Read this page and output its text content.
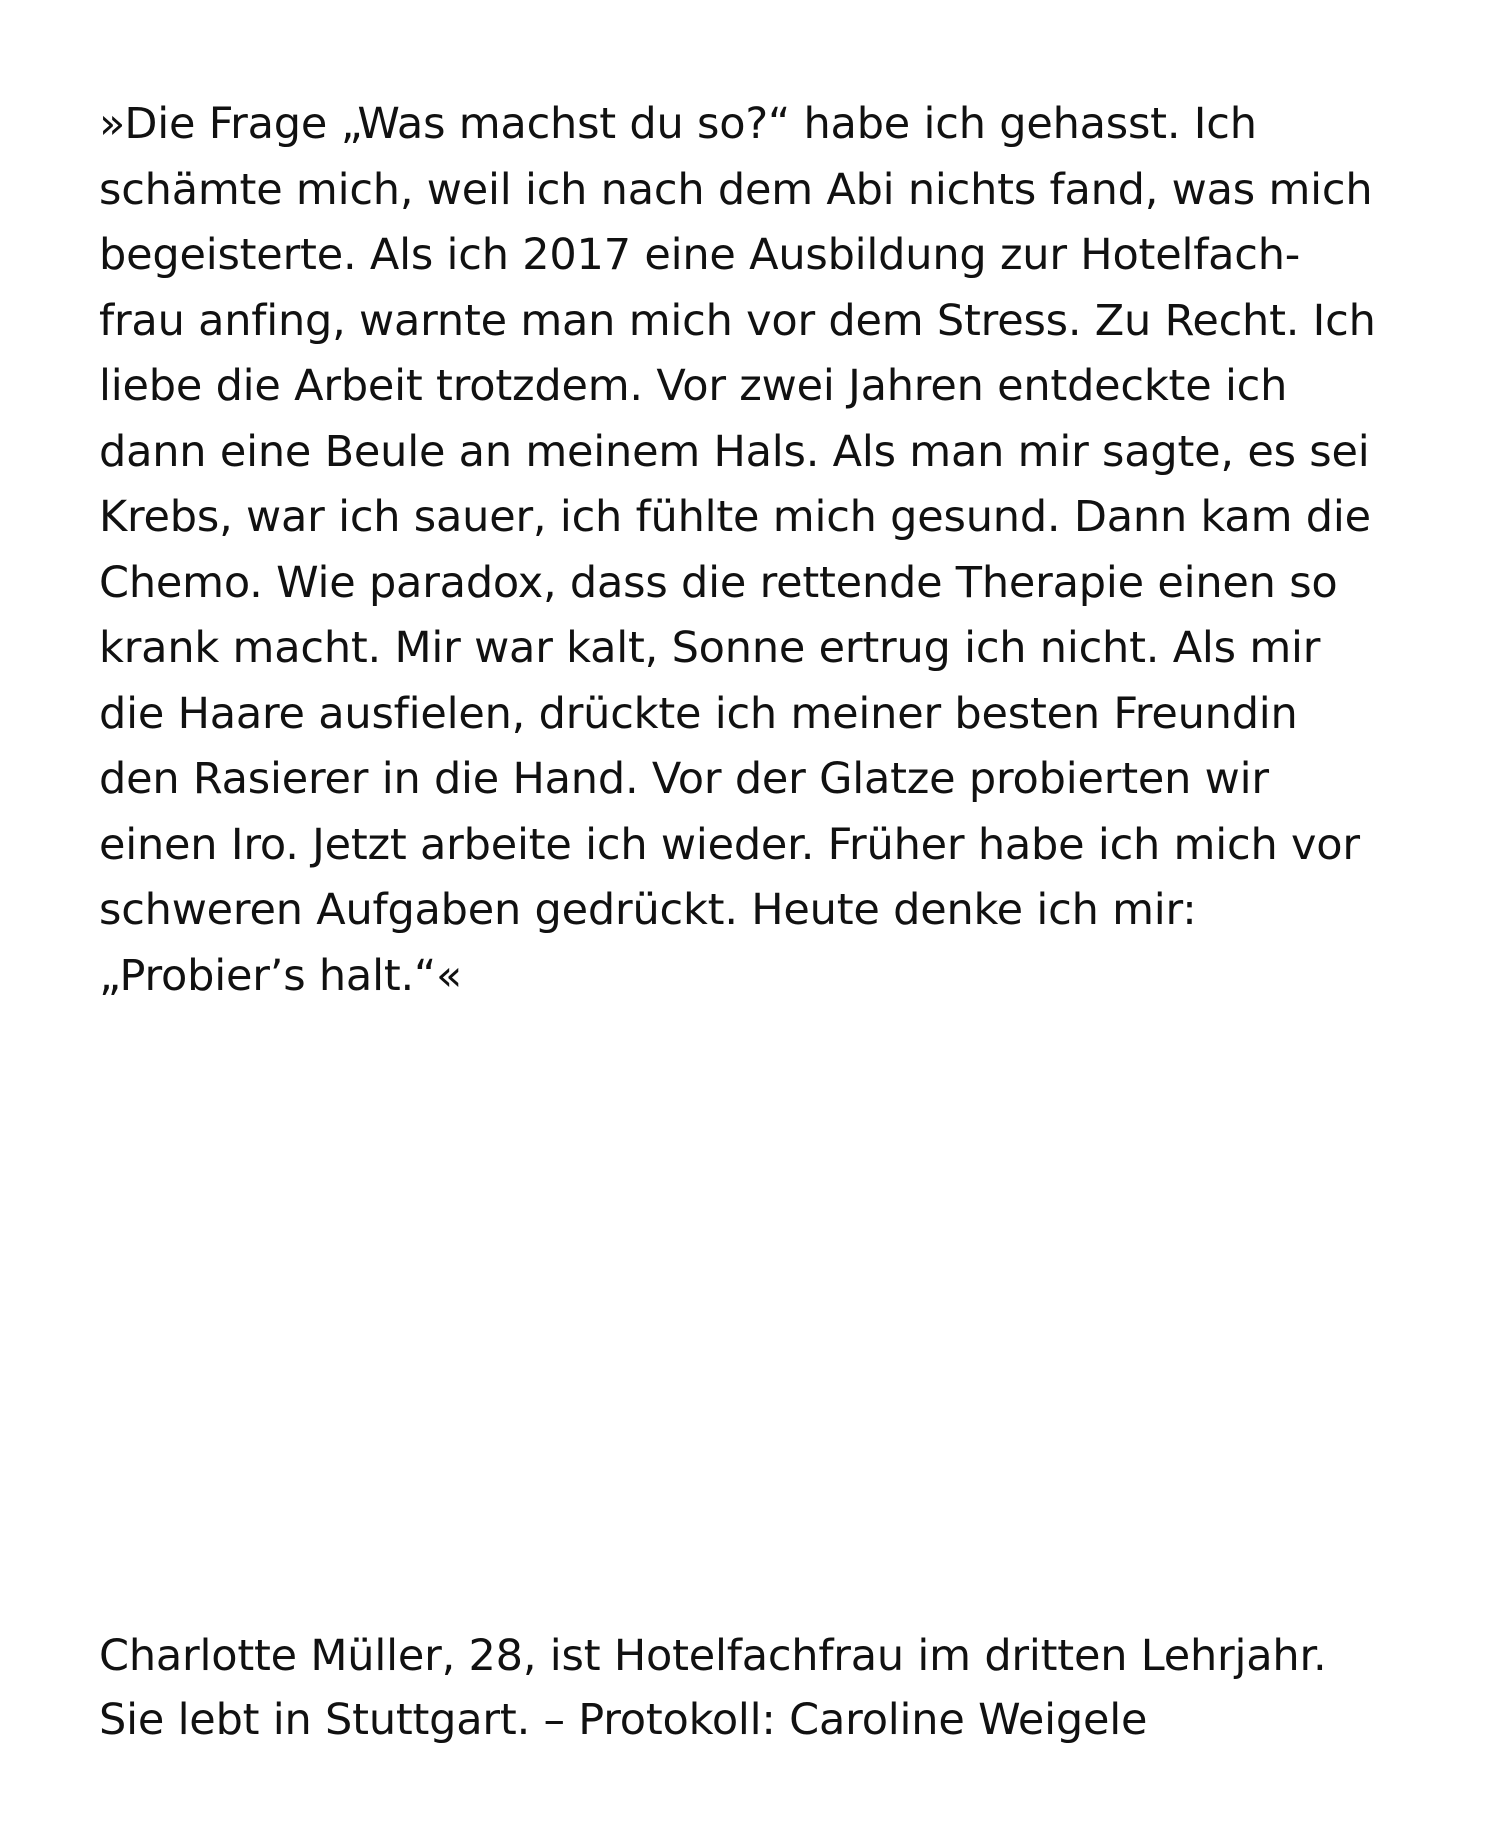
»Die Frage „Was machst du so?“ habe ich gehasst. Ich
schämte mich, weil ich nach dem Abi nichts fand, was mich
begeisterte. Als ich 2017 eine Ausbildung zur Hotelfach-
frau anfing, warnte man mich vor dem Stress. Zu Recht. Ich
liebe die Arbeit trotzdem. Vor zwei Jahren entdeckte ich
dann eine Beule an meinem Hals. Als man mir sagte, es sei
Krebs, war ich sauer, ich fühlte mich gesund. Dann kam die
Chemo. Wie paradox, dass die rettende Therapie einen so
krank macht. Mir war kalt, Sonne ertrug ich nicht. Als mir
die Haare ausfielen, drückte ich meiner besten Freundin
den Rasierer in die Hand. Vor der Glatze probierten wir
einen Iro. Jetzt arbeite ich wieder. Früher habe ich mich vor
schweren Aufgaben gedrückt. Heute denke ich mir:
„Probier’s halt.“«

Charlotte Müller, 28, ist Hotelfachfrau im dritten Lehrjahr.
Sie lebt in Stuttgart. – Protokoll: Caroline Weigele
